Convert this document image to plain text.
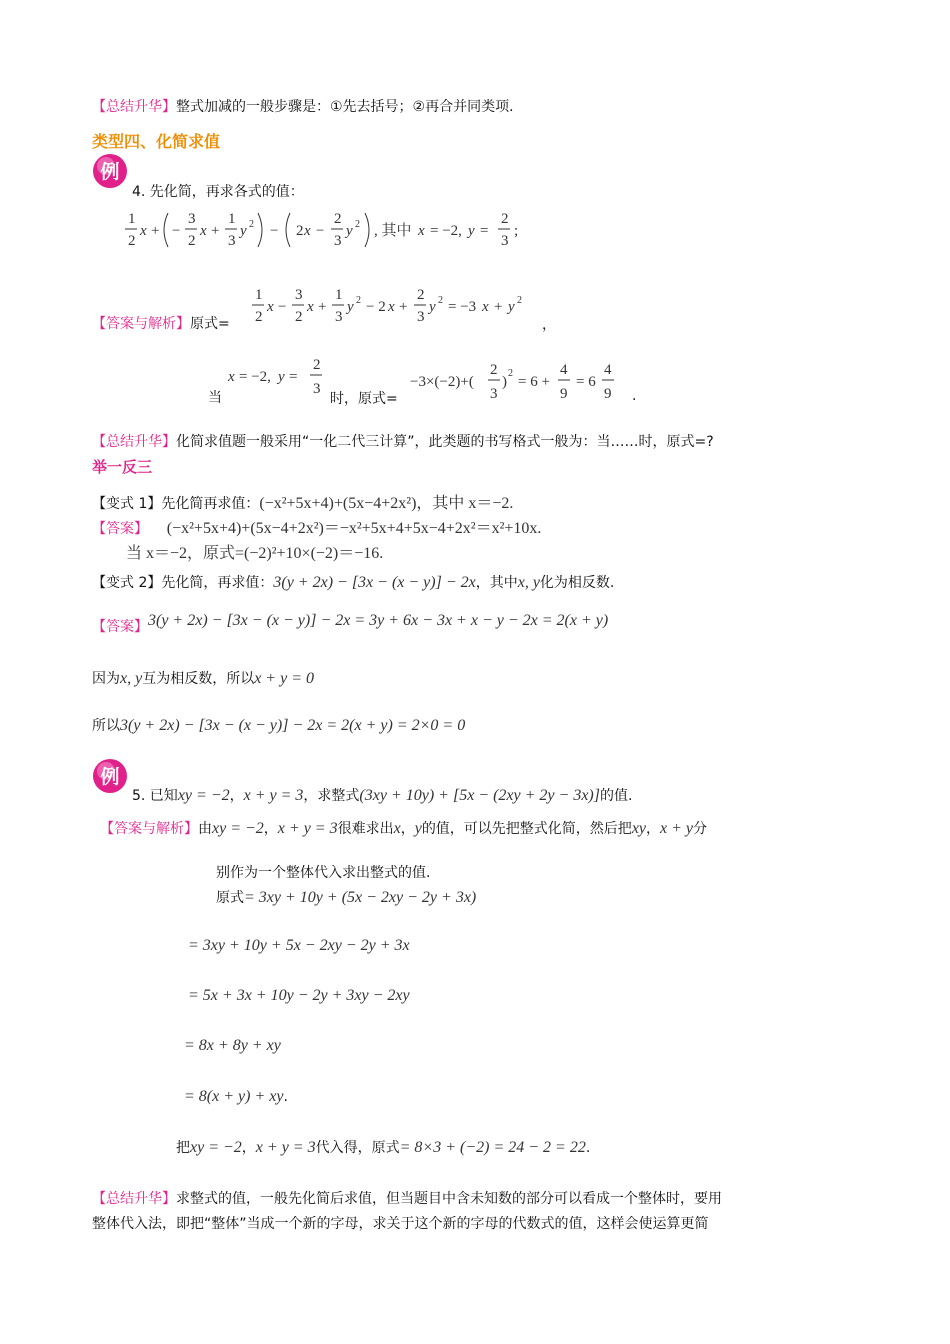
【总结升华】整式加减的一般步骤是：①先去括号；②再合并同类项.
类型四、化简求值
例
4. 先化简，再求各式的值：
1
2
x + −
3
2
x +
1
3
y 2 − 2 x −
2
3
y 2 , 其中 x = −2, y =
2
3
;
【答案与解析】原式=
1
2
x −
3
2
x +
1
3
y 2 − 2 x +
2
3
y 2 = −3 x + y 2
，
当
x = −2, y =
2
3
时，原式=
−3×(−2)+(
2
3
)
2
= 6 +
4
9
= 6
4
9 .
【总结升华】化简求值题一般采用“一化二代三计算”，此类题的书写格式一般为：当……时，原式=?
举一反三
【变式 1】先化简再求值：(−x²+5x+4)+(5x−4+2x²)，其中 x＝−2.
【答案】 (−x²+5x+4)+(5x−4+2x²)＝−x²+5x+4+5x−4+2x²＝x²+10x.
当 x＝−2，原式=(−2)²+10×(−2)＝−16.
【变式 2】先化简，再求值：3(y + 2x) − [3x − (x − y)] − 2x，其中x, y化为相反数.
【答案】3(y + 2x) − [3x − (x − y)] − 2x = 3y + 6x − 3x + x − y − 2x = 2(x + y)
因为x, y互为相反数，所以x + y = 0
所以3(y + 2x) − [3x − (x − y)] − 2x = 2(x + y) = 2×0 = 0
例
5. 已知xy = −2，x + y = 3，求整式(3xy + 10y) + [5x − (2xy + 2y − 3x)]的值.
【答案与解析】由xy = −2，x + y = 3很难求出x，y的值，可以先把整式化简，然后把xy，x + y分
别作为一个整体代入求出整式的值.
原式= 3xy + 10y + (5x − 2xy − 2y + 3x)
= 3xy + 10y + 5x − 2xy − 2y + 3x
= 5x + 3x + 10y − 2y + 3xy − 2xy
= 8x + 8y + xy
= 8(x + y) + xy.
把xy = −2，x + y = 3代入得，原式= 8×3 + (−2) = 24 − 2 = 22.
【总结升华】求整式的值，一般先化简后求值，但当题目中含未知数的部分可以看成一个整体时，要用
整体代入法，即把“整体”当成一个新的字母，求关于这个新的字母的代数式的值，这样会使运算更简
